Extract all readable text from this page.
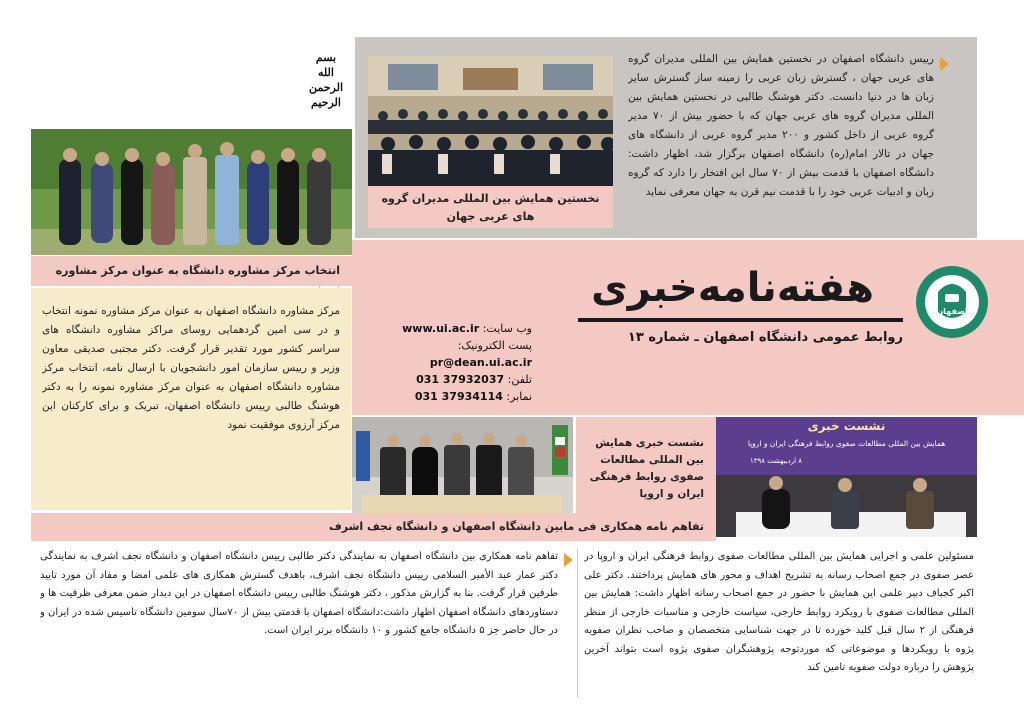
نخستین همایش بین المللی مدیران گروه های عربی جهان
رییس دانشگاه اصفهان در نخستین همایش بین المللی مدیران گروه های عربی جهان ، گسترش زبان عربی را زمینه ساز گسترش سایر زبان ها در دنیا دانست. دکتر هوشنگ طالبی در نخستین همایش بین المللی مدیران گروه های عربی جهان که با حضور بیش از ۷۰ مدیر گروه عربی از داخل کشور و ۲۰۰ مدیر گروه عربی از دانشگاه های جهان در تالار امام(ره) دانشگاه اصفهان برگزار شد، اظهار داشت: دانشگاه اصفهان با قدمت بیش از ۷۰ سال این افتخار را دارد که گروه زبان و ادبیات عربی خود را با قدمت نیم قرن به جهان معرفی نماید
بسم
الله
الرحمن
الرحیم
انتخاب مرکز مشاوره دانشگاه به عنوان مرکز مشاوره
مرکز مشاوره دانشگاه اصفهان به عنوان مرکز مشاوره نمونه انتخاب و در سی امین گردهمایی روسای مراکز مشاوره دانشگاه های سراسر کشور مورد تقدیر قرار گرفت. دکتر مجتبی صدیقی معاون وزیر و رییس سازمان امور دانشجویان با ارسال نامه، انتخاب مرکز مشاوره دانشگاه اصفهان به عنوان مرکز مشاوره نمونه را به دکتر هوشنگ طالبی رییس دانشگاه اصفهان، تبریک و برای کارکنان این مرکز آرزوی موفقیت نمود
اصفهان
هفته‌نامه‌خبری
روابط عمومی دانشگاه اصفهان ـ شماره ۱۳
وب سایت: www.ui.ac.ir
پست الکترونیک: pr@dean.ui.ac.ir
تلفن: 031 37932037
نمابر: 031 37934114
نشست خبری همایش بین المللی مطالعات صفوی روابط فرهنگی ایران و اروپا
نشست خبری
همایش بین المللی مطالعات صفوی روابط فرهنگی ایران و اروپا
۸ اردیبهشت ۱۳۹۸
تفاهم نامه همکاری فی مابین دانشگاه اصفهان و دانشگاه نجف اشرف
مسئولین علمی و اجرایی همایش بین المللی مطالعات صفوی روابط فرهنگی ایران و اروپا در عصر صفوی در جمع اصحاب رسانه به تشریح اهداف و محور های همایش پرداختند. دکتر علی اکبر کجباف دبیر علمی این همایش با حضور در جمع اصحاب رسانه اظهار داشت: همایش بین المللی مطالعات صفوی با رویکرد روابط خارجی، سیاست خارجی و مناسبات خارجی از منظر فرهنگی از ۲ سال قبل کلید خورده تا در جهت شناسایی متخصصان و صاحب نظران صفویه پژوه با رویکردها و موضوعاتی که موردتوجه پژوهشگران صفوی پژوه است بتواند آخرین پژوهش را درباره دولت صفویه تامین کند
تفاهم نامه همکاری بین دانشگاه اصفهان به نمایندگی دکتر طالبی رییس دانشگاه اصفهان و دانشگاه نجف اشرف به نمایندگی دکتر عمار عبد الأمیر السلامی رییس دانشگاه نجف اشرف، باهدف گسترش همکاری های علمی امضا و مفاد آن مورد تایید طرفین قرار گرفت. بنا به گزارش مذکور ، دکتر هوشنگ طالبی رییس دانشگاه اصفهان در این دیدار ضمن معرفی ظرفیت ها و دستاوردهای دانشگاه اصفهان اظهار داشت:دانشگاه اصفهان با قدمتی بیش از ۷۰سال سومین دانشگاه تاسیس شده در ایران و در حال حاضر جز ۵ دانشگاه جامع کشور و ۱۰ دانشگاه برتر ایران است.
